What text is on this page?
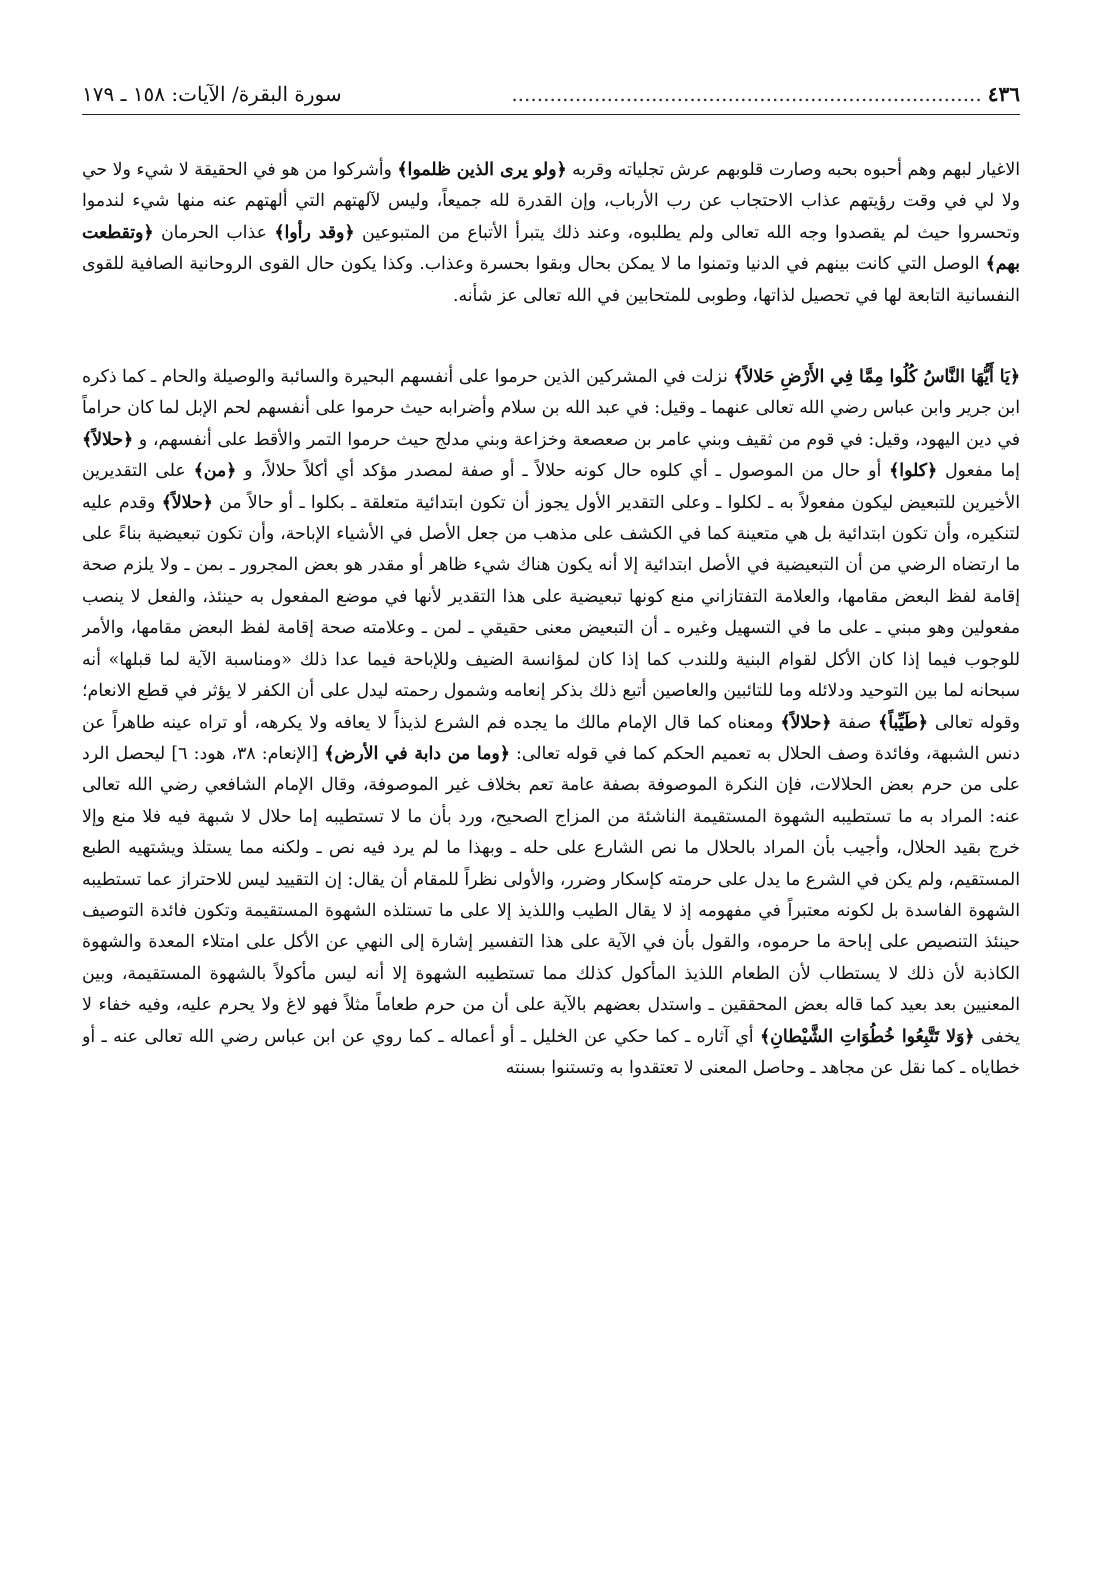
٤٣٦
..........................................................................
سورة البقرة/ الآيات: ١٥٨ ـ ١٧٩

الاغيار لبهم وهم أحبوه بحبه وصارت قلوبهم عرش تجلياته وقربه ﴿ولو يرى الذين ظلموا﴾ وأشركوا من هو في الحقيقة لا شيء ولا حي ولا لي في وقت رؤيتهم عذاب الاحتجاب عن رب الأرباب، وإن القدرة لله جميعاً، وليس لآلهتهم التي ألهتهم عنه منها شيء لندموا وتحسروا حيث لم يقصدوا وجه الله تعالى ولم يطلبوه، وعند ذلك يتبرأ الأتباع من المتبوعين ﴿وقد رأوا﴾ عذاب الحرمان ﴿وتقطعت بهم﴾ الوصل التي كانت بينهم في الدنيا وتمنوا ما لا يمكن بحال وبقوا بحسرة وعذاب. وكذا يكون حال القوى الروحانية الصافية للقوى النفسانية التابعة لها في تحصيل لذاتها، وطوبى للمتحابين في الله تعالى عز شأنه.

﴿يَا أَيُّهَا النَّاسُ كُلُوا مِمَّا فِي الأَرْضِ حَلالاً﴾ نزلت في المشركين الذين حرموا على أنفسهم البحيرة والسائبة والوصيلة والحام ـ كما ذكره ابن جرير وابن عباس رضي الله تعالى عنهما ـ وقيل: في عبد الله بن سلام وأضرابه حيث حرموا على أنفسهم لحم الإبل لما كان حراماً في دين اليهود، وقيل: في قوم من ثقيف وبني عامر بن صعصعة وخزاعة وبني مدلج حيث حرموا التمر والأقط على أنفسهم، و ﴿حلالاً﴾ إما مفعول ﴿كلوا﴾ أو حال من الموصول ـ أي كلوه حال كونه حلالاً ـ أو صفة لمصدر مؤكد أي أكلاً حلالاً، و ﴿من﴾ على التقديرين الأخيرين للتبعيض ليكون مفعولاً به ـ لكلوا ـ وعلى التقدير الأول يجوز أن تكون ابتدائية متعلقة ـ بكلوا ـ أو حالاً من ﴿حلالاً﴾ وقدم عليه لتنكيره، وأن تكون ابتدائية بل هي متعينة كما في الكشف على مذهب من جعل الأصل في الأشياء الإباحة، وأن تكون تبعيضية بناءً على ما ارتضاه الرضي من أن التبعيضية في الأصل ابتدائية إلا أنه يكون هناك شيء ظاهر أو مقدر هو بعض المجرور ـ بمن ـ ولا يلزم صحة إقامة لفظ البعض مقامها، والعلامة التفتازاني منع كونها تبعيضية على هذا التقدير لأنها في موضع المفعول به حينئذ، والفعل لا ينصب مفعولين وهو مبني ـ على ما في التسهيل وغيره ـ أن التبعيض معنى حقيقي ـ لمن ـ وعلامته صحة إقامة لفظ البعض مقامها، والأمر للوجوب فيما إذا كان الأكل لقوام البنية وللندب كما إذا كان لمؤانسة الضيف وللإباحة فيما عدا ذلك «ومناسبة الآية لما قبلها» أنه سبحانه لما بين التوحيد ودلائله وما للتائبين والعاصين أتبع ذلك بذكر إنعامه وشمول رحمته ليدل على أن الكفر لا يؤثر في قطع الانعام؛ وقوله تعالى ﴿طَيِّباً﴾ صفة ﴿حلالاً﴾ ومعناه كما قال الإمام مالك ما يجده فم الشرع لذيذاً لا يعافه ولا يكرهه، أو تراه عينه طاهراً عن دنس الشبهة، وفائدة وصف الحلال به تعميم الحكم كما في قوله تعالى: ﴿وما من دابة في الأرض﴾ [الإنعام: ٣٨، هود: ٦] ليحصل الرد على من حرم بعض الحلالات، فإن النكرة الموصوفة بصفة عامة تعم بخلاف غير الموصوفة، وقال الإمام الشافعي رضي الله تعالى عنه: المراد به ما تستطيبه الشهوة المستقيمة الناشئة من المزاج الصحيح، ورد بأن ما لا تستطيبه إما حلال لا شبهة فيه فلا منع وإلا خرج بقيد الحلال، وأجيب بأن المراد بالحلال ما نص الشارع على حله ـ وبهذا ما لم يرد فيه نص ـ ولكنه مما يستلذ ويشتهيه الطبع المستقيم، ولم يكن في الشرع ما يدل على حرمته كإسكار وضرر، والأولى نظراً للمقام أن يقال: إن التقييد ليس للاحتراز عما تستطيبه الشهوة الفاسدة بل لكونه معتبراً في مفهومه إذ لا يقال الطيب واللذيذ إلا على ما تستلذه الشهوة المستقيمة وتكون فائدة التوصيف حينئذ التنصيص على إباحة ما حرموه، والقول بأن في الآية على هذا التفسير إشارة إلى النهي عن الأكل على امتلاء المعدة والشهوة الكاذبة لأن ذلك لا يستطاب لأن الطعام اللذيذ المأكول كذلك مما تستطيبه الشهوة إلا أنه ليس مأكولاً بالشهوة المستقيمة، وبين المعنيين بعد بعيد كما قاله بعض المحققين ـ واستدل بعضهم بالآية على أن من حرم طعاماً مثلاً فهو لاغ ولا يحرم عليه، وفيه خفاء لا يخفى ﴿وَلا تَتَّبِعُوا خُطُوَاتِ الشَّيْطانِ﴾ أي آثاره ـ كما حكي عن الخليل ـ أو أعماله ـ كما روي عن ابن عباس رضي الله تعالى عنه ـ أو خطاياه ـ كما نقل عن مجاهد ـ وحاصل المعنى لا تعتقدوا به وتستنوا بسنته
